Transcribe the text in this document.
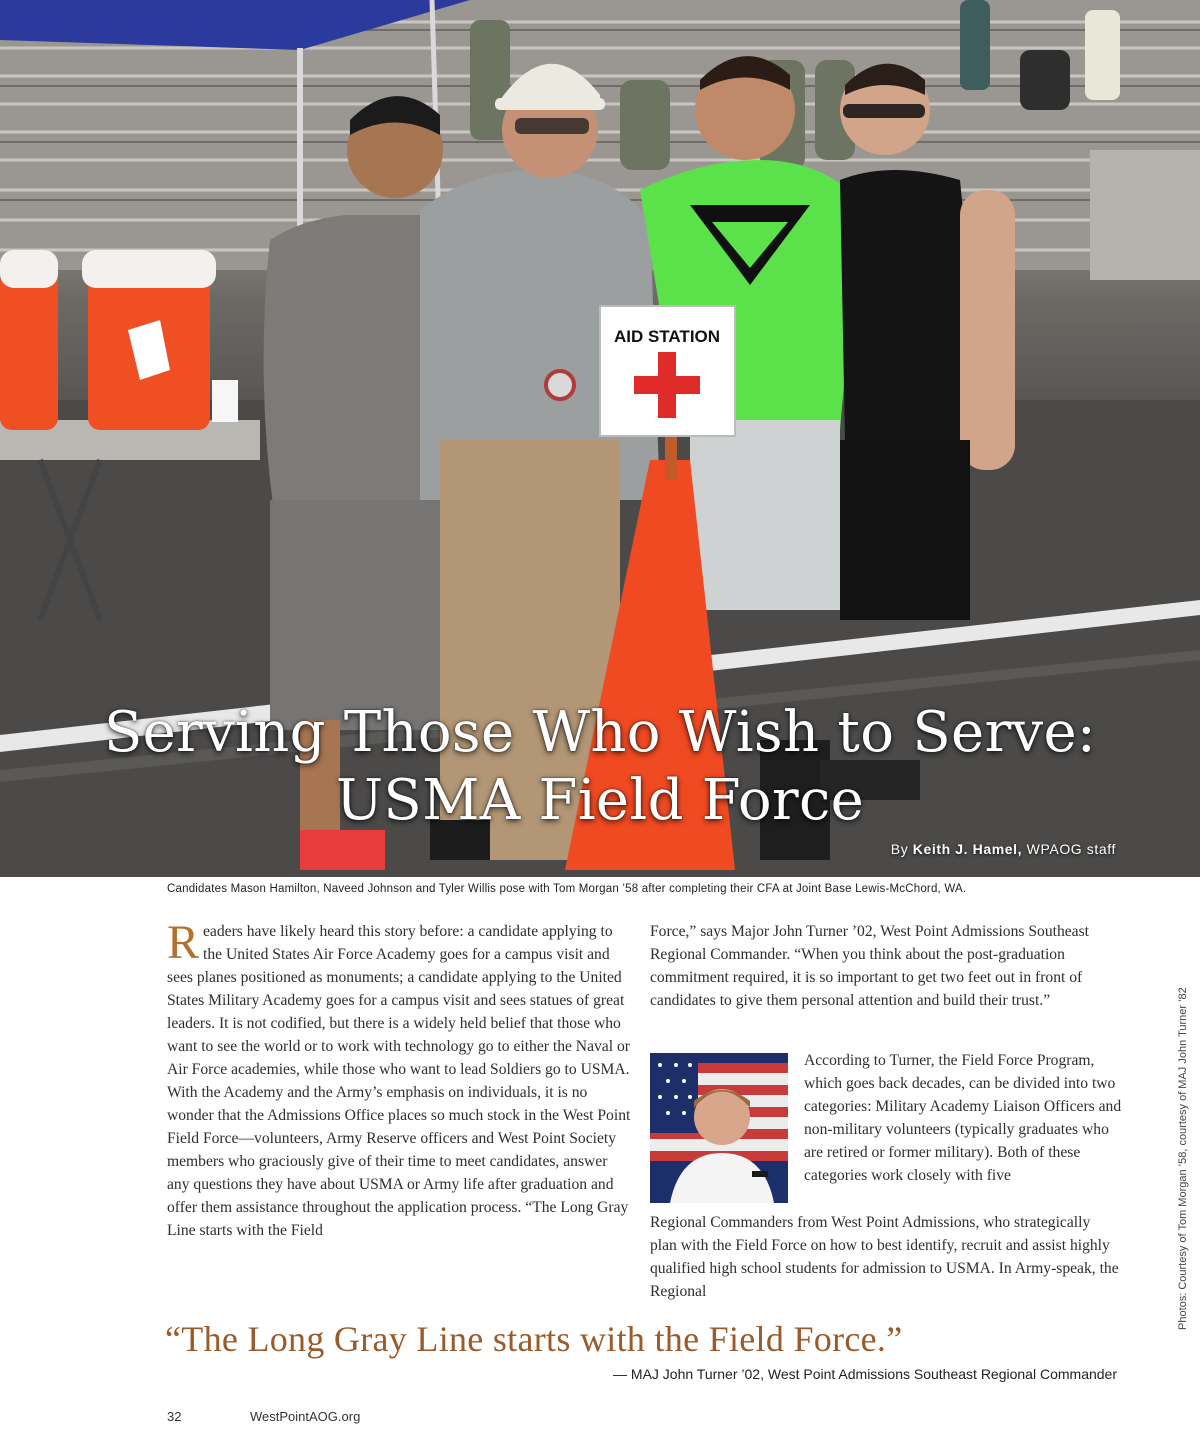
AID STATION
Serving Those Who Wish to Serve:
USMA Field Force
By Keith J. Hamel, WPAOG staff
Candidates Mason Hamilton, Naveed Johnson and Tyler Willis pose with Tom Morgan ’58 after completing their CFA at Joint Base Lewis-McChord, WA.

Readers have likely heard this story before: a candidate applying to the United States Air Force Academy goes for a campus visit and sees planes positioned as monuments; a candidate applying to the United States Military Academy goes for a campus visit and sees statues of great leaders. It is not codified, but there is a widely held belief that those who want to see the world or to work with technology go to either the Naval or Air Force academies, while those who want to lead Soldiers go to USMA. With the Academy and the Army’s emphasis on individuals, it is no wonder that the Admissions Office places so much stock in the West Point Field Force—volunteers, Army Reserve officers and West Point Society members who graciously give of their time to meet candidates, answer any questions they have about USMA or Army life after graduation and offer them assistance throughout the application process. “The Long Gray Line starts with the Field

Force,” says Major John Turner ’02, West Point Admissions Southeast Regional Commander. “When you think about the post-graduation commitment required, it is so important to get two feet out in front of candidates to give them personal attention and build their trust.”

According to Turner, the Field Force Program, which goes back decades, can be divided into two categories: Military Academy Liaison Officers and non-military volunteers (typically graduates who are retired or former military). Both of these categories work closely with five

Regional Commanders from West Point Admissions, who strategically plan with the Field Force on how to best identify, recruit and assist highly qualified high school students for admission to USMA. In Army-speak, the Regional

“The Long Gray Line starts with the Field Force.”
— MAJ John Turner ’02, West Point Admissions Southeast Regional Commander
32	WestPointAOG.org
Photos: Courtesy of Tom Morgan ’58, courtesy of MAJ John Turner ’82
